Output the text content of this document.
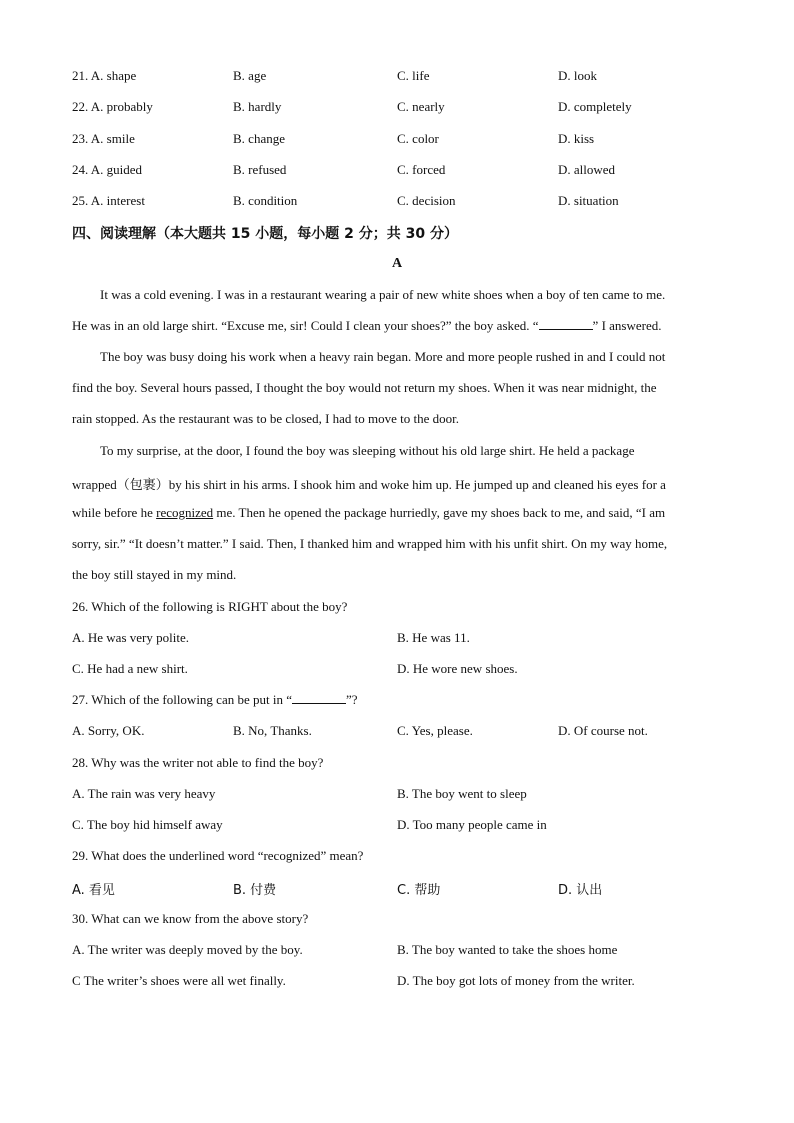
21. A. shape	B. age	C. life	D. look
22. A. probably	B. hardly	C. nearly	D. completely
23. A. smile	B. change	C. color	D. kiss
24. A. guided	B. refused	C. forced	D. allowed
25. A. interest	B. condition	C. decision	D. situation
四、阅读理解（本大题共 15 小题，每小题 2 分；共 30 分）
A
It was a cold evening. I was in a restaurant wearing a pair of new white shoes when a boy of ten came to me.
He was in an old large shirt. “Excuse me, sir! Could I clean your shoes?” the boy asked. “	” I answered.
The boy was busy doing his work when a heavy rain began. More and more people rushed in and I could not
find the boy. Several hours passed, I thought the boy would not return my shoes. When it was near midnight, the
rain stopped. As the restaurant was to be closed, I had to move to the door.
To my surprise, at the door, I found the boy was sleeping without his old large shirt. He held a package
wrapped（包裹）by his shirt in his arms. I shook him and woke him up. He jumped up and cleaned his eyes for a
while before he recognized me. Then he opened the package hurriedly, gave my shoes back to me, and said, “I am
sorry, sir.” “It doesn’t matter.” I said. Then, I thanked him and wrapped him with his unfit shirt. On my way home,
the boy still stayed in my mind.
26. Which of the following is RIGHT about the boy?
A. He was very polite.	B. He was 11.
C. He had a new shirt.	D. He wore new shoes.
27. Which of the following can be put in “	”?
A. Sorry, OK.	B. No, Thanks.	C. Yes, please.	D. Of course not.
28. Why was the writer not able to find the boy?
A. The rain was very heavy	B. The boy went to sleep
C. The boy hid himself away	D. Too many people came in
29. What does the underlined word “recognized” mean?
A. 看见	B. 付费	C. 帮助	D. 认出
30. What can we know from the above story?
A. The writer was deeply moved by the boy.	B. The boy wanted to take the shoes home
C The writer’s shoes were all wet finally.	D. The boy got lots of money from the writer.
